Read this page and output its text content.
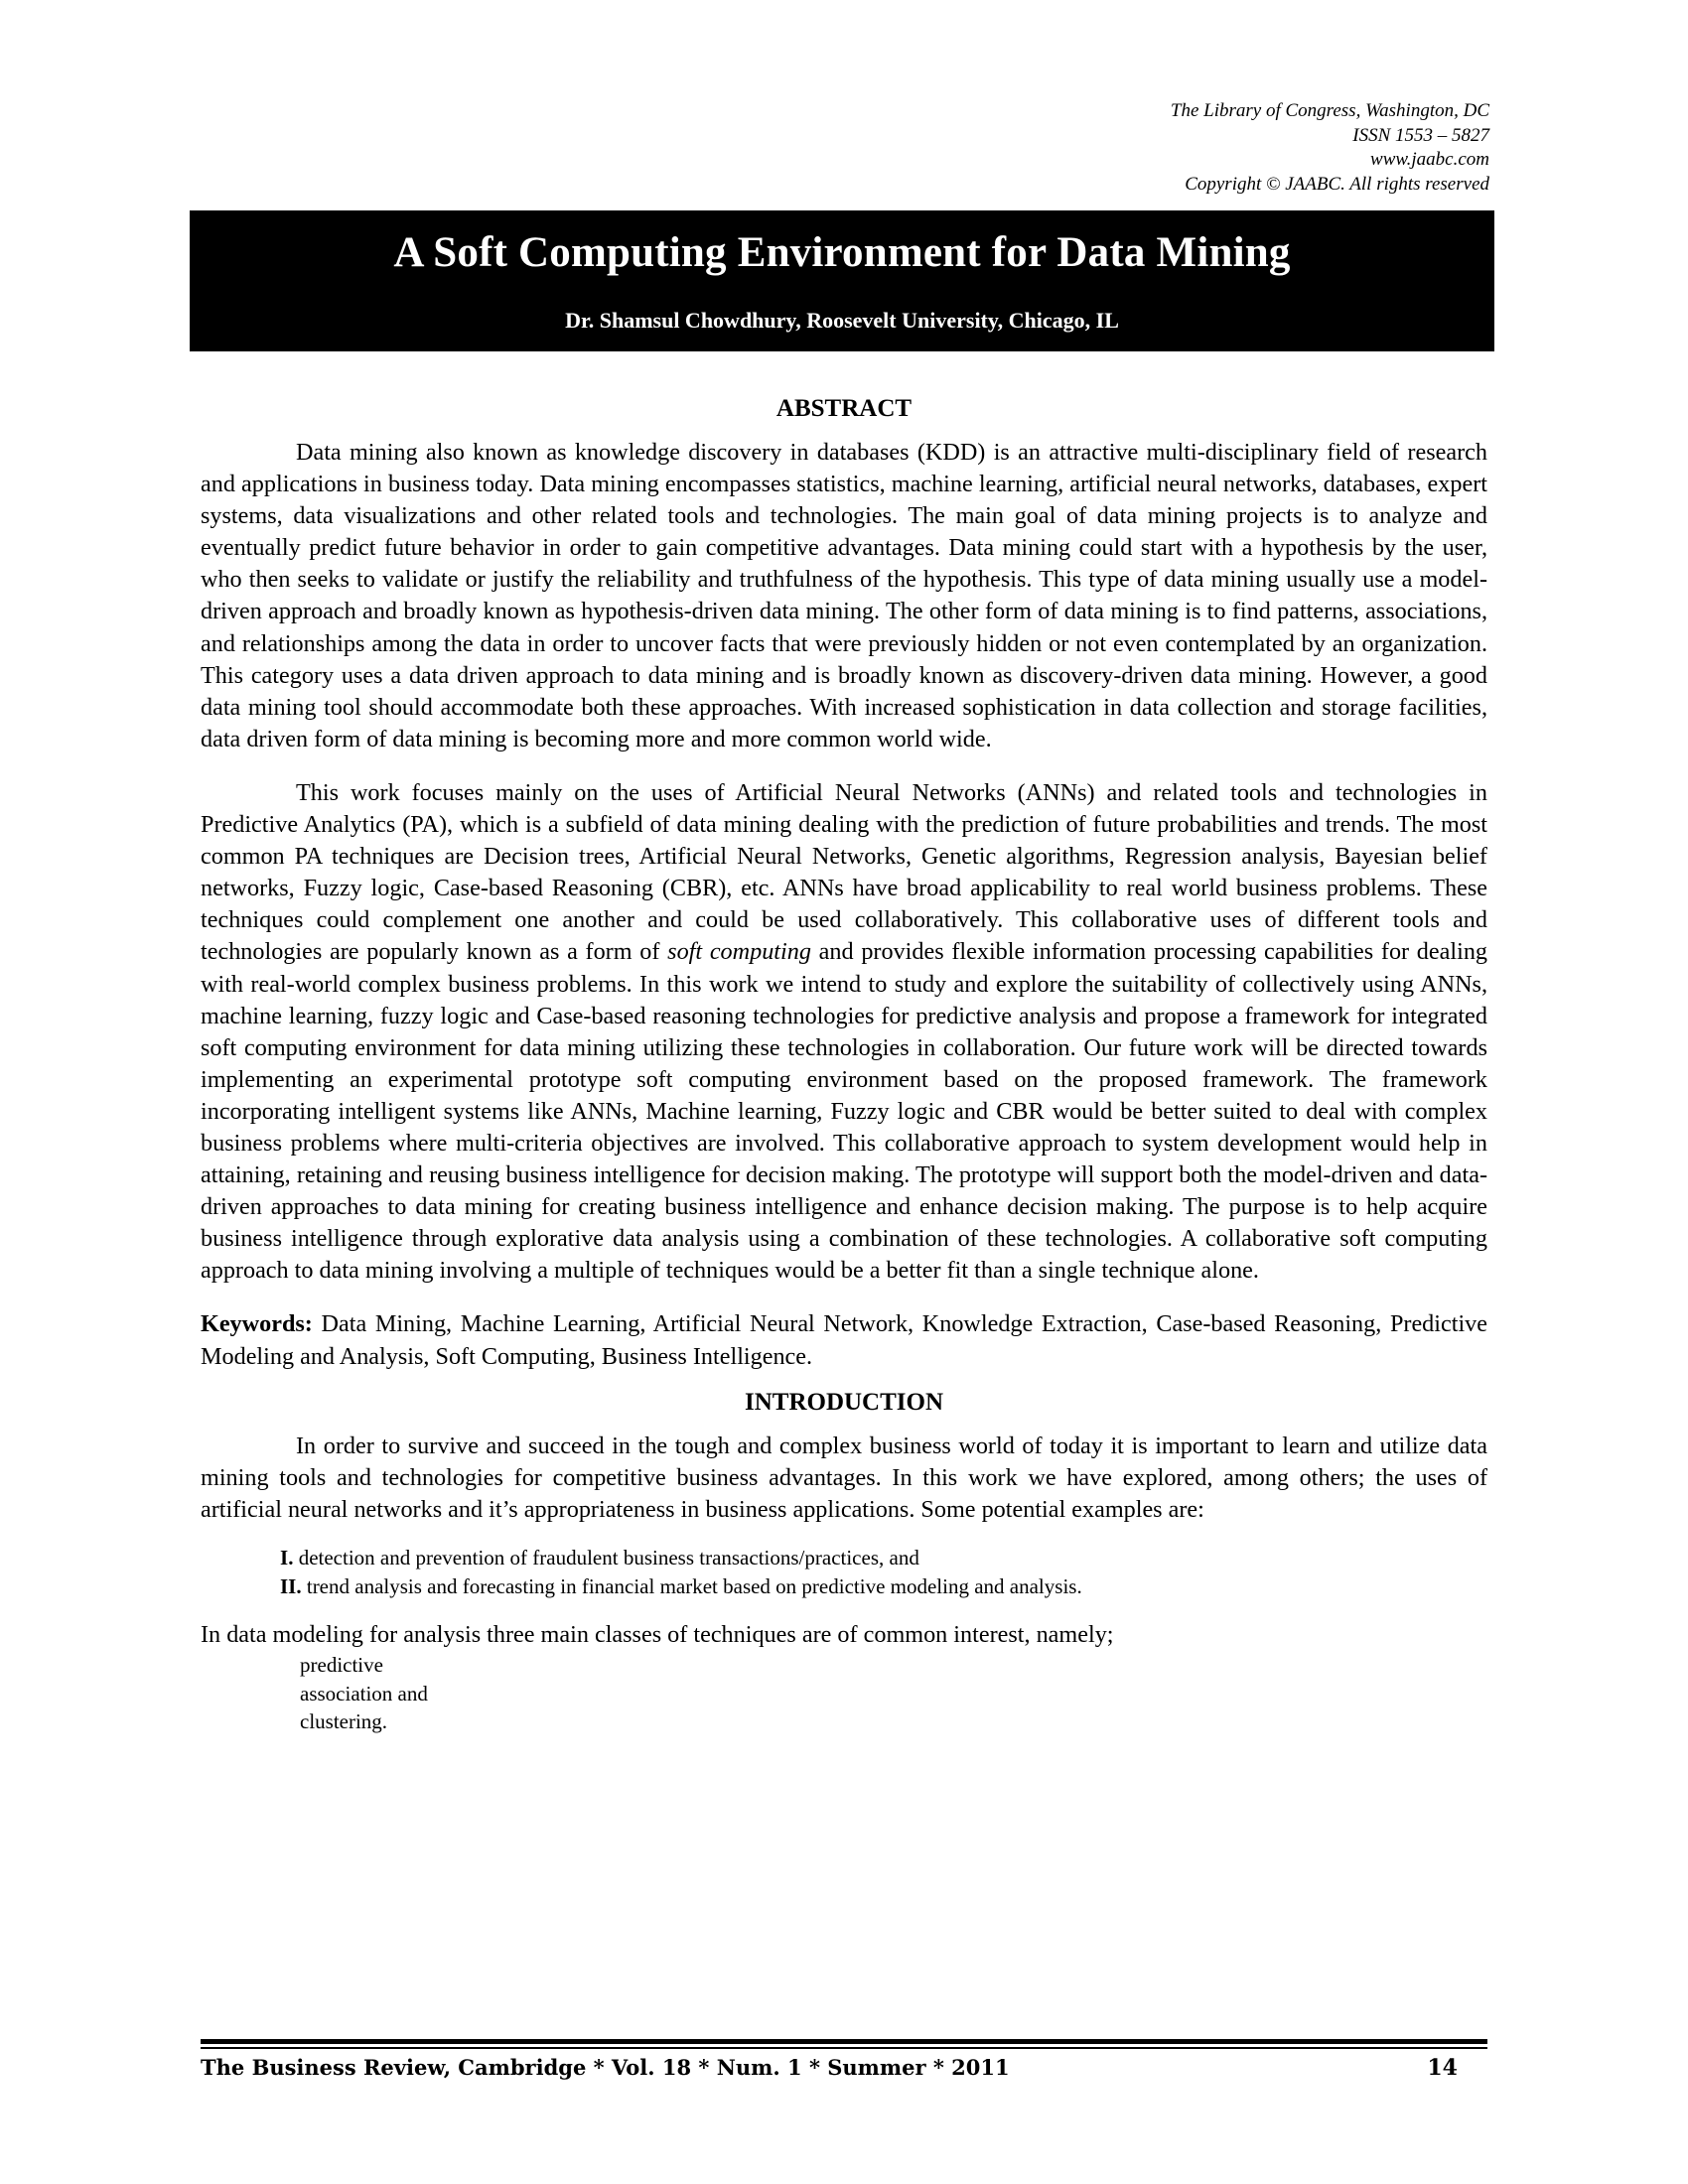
The Library of Congress, Washington, DC
ISSN 1553 – 5827
www.jaabc.com
Copyright © JAABC. All rights reserved
A Soft Computing Environment for Data Mining
Dr. Shamsul Chowdhury, Roosevelt University, Chicago, IL
ABSTRACT

Data mining also known as knowledge discovery in databases (KDD) is an attractive multi-disciplinary field of research and applications in business today. Data mining encompasses statistics, machine learning, artificial neural networks, databases, expert systems, data visualizations and other related tools and technologies. The main goal of data mining projects is to analyze and eventually predict future behavior in order to gain competitive advantages. Data mining could start with a hypothesis by the user, who then seeks to validate or justify the reliability and truthfulness of the hypothesis. This type of data mining usually use a model-driven approach and broadly known as hypothesis-driven data mining. The other form of data mining is to find patterns, associations, and relationships among the data in order to uncover facts that were previously hidden or not even contemplated by an organization. This category uses a data driven approach to data mining and is broadly known as discovery-driven data mining. However, a good data mining tool should accommodate both these approaches. With increased sophistication in data collection and storage facilities, data driven form of data mining is becoming more and more common world wide.

This work focuses mainly on the uses of Artificial Neural Networks (ANNs) and related tools and technologies in Predictive Analytics (PA), which is a subfield of data mining dealing with the prediction of future probabilities and trends. The most common PA techniques are Decision trees, Artificial Neural Networks, Genetic algorithms, Regression analysis, Bayesian belief networks, Fuzzy logic, Case-based Reasoning (CBR), etc. ANNs have broad applicability to real world business problems. These techniques could complement one another and could be used collaboratively. This collaborative uses of different tools and technologies are popularly known as a form of soft computing and provides flexible information processing capabilities for dealing with real-world complex business problems. In this work we intend to study and explore the suitability of collectively using ANNs, machine learning, fuzzy logic and Case-based reasoning technologies for predictive analysis and propose a framework for integrated soft computing environment for data mining utilizing these technologies in collaboration. Our future work will be directed towards implementing an experimental prototype soft computing environment based on the proposed framework. The framework incorporating intelligent systems like ANNs, Machine learning, Fuzzy logic and CBR would be better suited to deal with complex business problems where multi-criteria objectives are involved. This collaborative approach to system development would help in attaining, retaining and reusing business intelligence for decision making. The prototype will support both the model-driven and data-driven approaches to data mining for creating business intelligence and enhance decision making. The purpose is to help acquire business intelligence through explorative data analysis using a combination of these technologies. A collaborative soft computing approach to data mining involving a multiple of techniques would be a better fit than a single technique alone.

Keywords: Data Mining, Machine Learning, Artificial Neural Network, Knowledge Extraction, Case-based Reasoning, Predictive Modeling and Analysis, Soft Computing, Business Intelligence.

INTRODUCTION

In order to survive and succeed in the tough and complex business world of today it is important to learn and utilize data mining tools and technologies for competitive business advantages. In this work we have explored, among others; the uses of artificial neural networks and it’s appropriateness in business applications. Some potential examples are:

I. detection and prevention of fraudulent business transactions/practices, and
II. trend analysis and forecasting in financial market based on predictive modeling and analysis.

In data modeling for analysis three main classes of techniques are of common interest, namely;

predictive
association and
clustering.
The Business Review, Cambridge * Vol. 18 * Num. 1 * Summer * 2011	14
